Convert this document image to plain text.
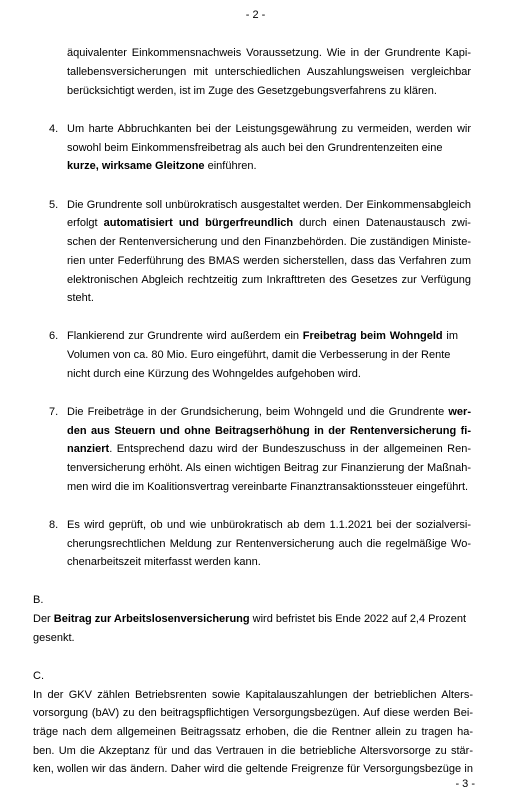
- 2 -
äquivalenter Einkommensnachweis Voraussetzung. Wie in der Grundrente Kapi-
tallebensversicherungen mit unterschiedlichen Auszahlungsweisen vergleichbar
berücksichtigt werden, ist im Zuge des Gesetzgebungsverfahrens zu klären.
4. Um harte Abbruchkanten bei der Leistungsgewährung zu vermeiden, werden wir
sowohl beim Einkommensfreibetrag als auch bei den Grundrentenzeiten eine
kurze, wirksame Gleitzone einführen.
5. Die Grundrente soll unbürokratisch ausgestaltet werden. Der Einkommensabgleich
erfolgt automatisiert und bürgerfreundlich durch einen Datenaustausch zwi-
schen der Rentenversicherung und den Finanzbehörden. Die zuständigen Ministe-
rien unter Federführung des BMAS werden sicherstellen, dass das Verfahren zum
elektronischen Abgleich rechtzeitig zum Inkrafttreten des Gesetzes zur Verfügung
steht.
6. Flankierend zur Grundrente wird außerdem ein Freibetrag beim Wohngeld im
Volumen von ca. 80 Mio. Euro eingeführt, damit die Verbesserung in der Rente
nicht durch eine Kürzung des Wohngeldes aufgehoben wird.
7. Die Freibeträge in der Grundsicherung, beim Wohngeld und die Grundrente wer-
den aus Steuern und ohne Beitragserhöhung in der Rentenversicherung fi-
nanziert. Entsprechend dazu wird der Bundeszuschuss in der allgemeinen Ren-
tenversicherung erhöht. Als einen wichtigen Beitrag zur Finanzierung der Maßnah-
men wird die im Koalitionsvertrag vereinbarte Finanztransaktionssteuer eingeführt.
8. Es wird geprüft, ob und wie unbürokratisch ab dem 1.1.2021 bei der sozialversi-
cherungsrechtlichen Meldung zur Rentenversicherung auch die regelmäßige Wo-
chenarbeitszeit miterfasst werden kann.
B.
Der Beitrag zur Arbeitslosenversicherung wird befristet bis Ende 2022 auf 2,4 Prozent
gesenkt.
C.
In der GKV zählen Betriebsrenten sowie Kapitalauszahlungen der betrieblichen Alters-
vorsorgung (bAV) zu den beitragspflichtigen Versorgungsbezügen. Auf diese werden Bei-
träge nach dem allgemeinen Beitragssatz erhoben, die die Rentner allein zu tragen ha-
ben. Um die Akzeptanz für und das Vertrauen in die betriebliche Altersvorsorge zu stär-
ken, wollen wir das ändern. Daher wird die geltende Freigrenze für Versorgungsbezüge in
- 3 -
